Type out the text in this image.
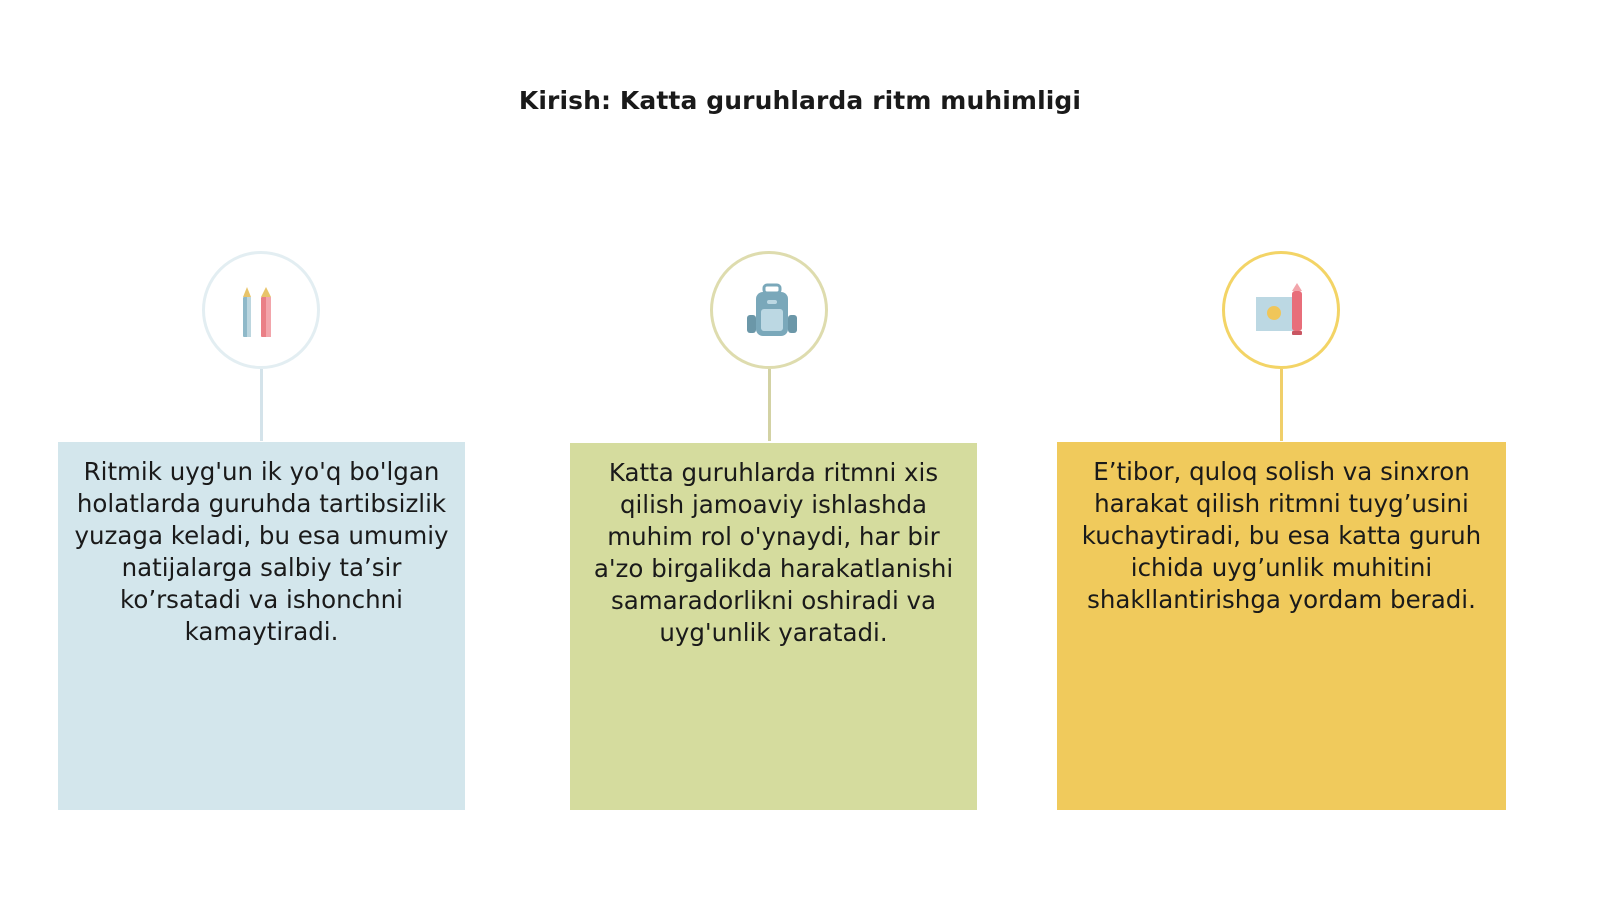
Kirish: Katta guruhlarda ritm muhimligi
Ritmik uyg'un ik yo'q bo'lgan holatlarda guruhda tartibsizlik yuzaga keladi, bu esa umumiy natijalarga salbiy ta’sir ko’rsatadi va ishonchni kamaytiradi.
Katta guruhlarda ritmni xis qilish jamoaviy ishlashda muhim rol o'ynaydi, har bir a'zo birgalikda harakatlanishi samaradorlikni oshiradi va uyg'unlik yaratadi.
E’tibor, quloq solish va sinxron harakat qilish ritmni tuyg’usini kuchaytiradi, bu esa katta guruh ichida uyg’unlik muhitini shakllantirishga yordam beradi.
